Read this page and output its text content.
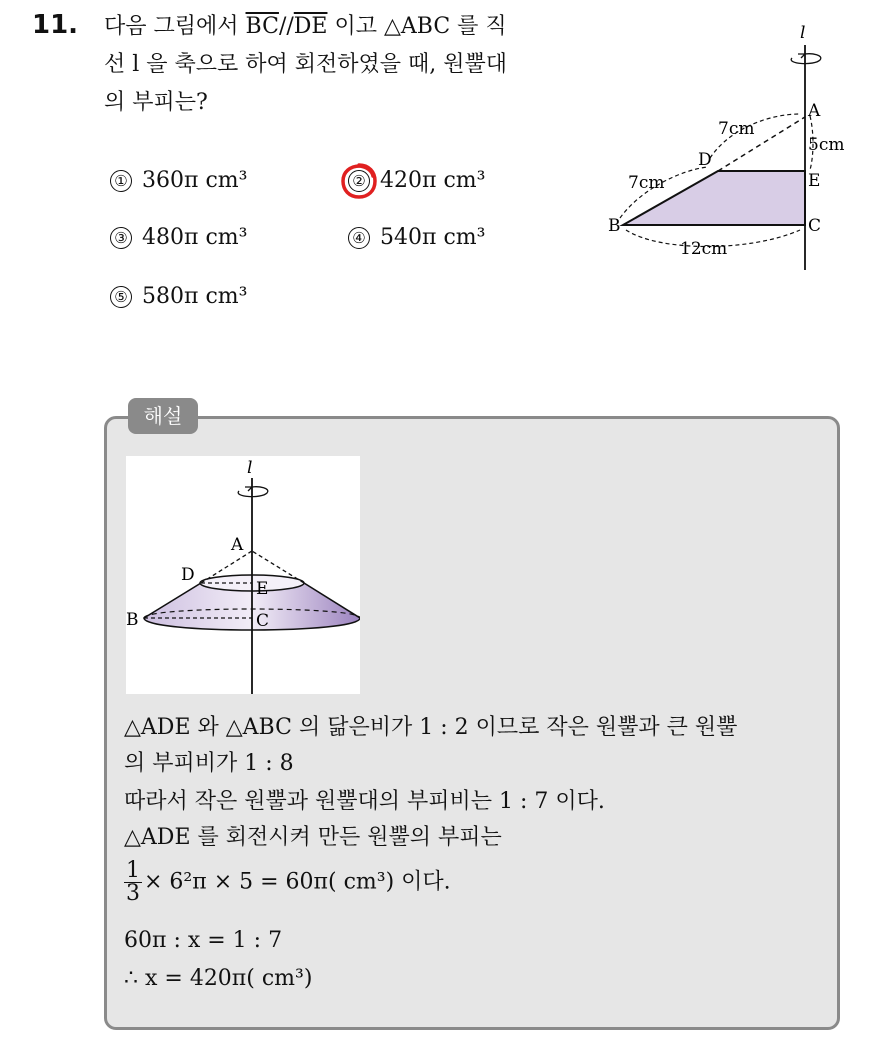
11. 다음 그림에서 $\overline{BC}//\overline{DE}$ 이고 △ABC 를 직
선 l 을 축으로 하여 회전하였을 때, 원뿔대
의 부피는?
① 360π cm³	② 420π cm³
③ 480π cm³	④ 540π cm³
⑤ 580π cm³
l
A
D
E
B	C
7cm
7cm
5cm
12cm
해설
l
A
D
E
B	C
△ADE 와 △ABC 의 닮은비가 1 : 2 이므로 작은 원뿔과 큰 원뿔
의 부피비가 1 : 8
따라서 작은 원뿔과 원뿔대의 부피비는 1 : 7 이다.
△ADE 를 회전시켜 만든 원뿔의 부피는
$\frac{1}{3} \times 6^2\pi \times 5 = 60\pi$( cm³) 이다.
60π : x = 1 : 7
∴ x = 420π( cm³)
